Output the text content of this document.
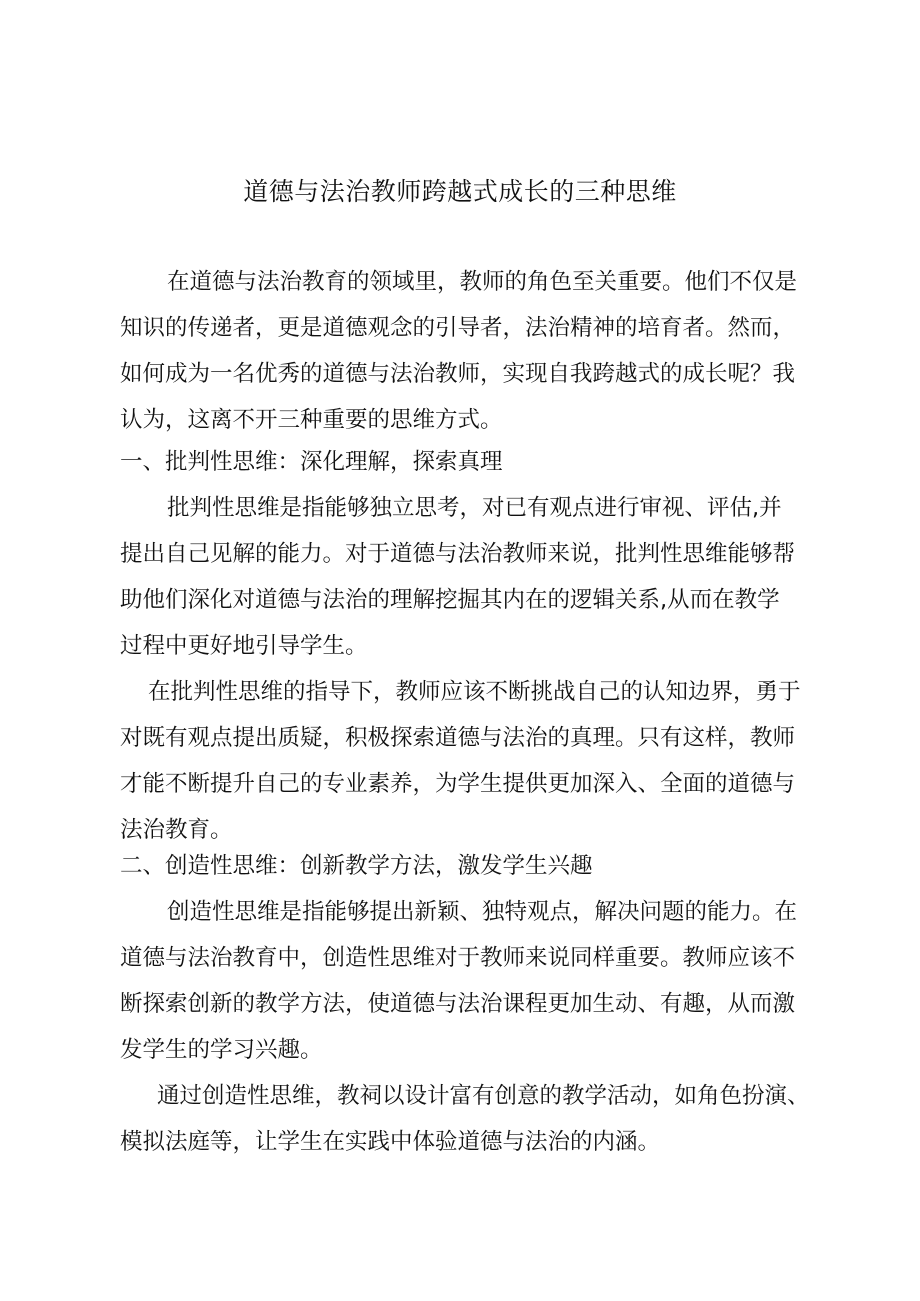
道德与法治教师跨越式成长的三种思维
在道德与法治教育的领域里，教师的角色至关重要。他们不仅是
知识的传递者，更是道德观念的引导者，法治精神的培育者。然而，
如何成为一名优秀的道德与法治教师，实现自我跨越式的成长呢？我
认为，这离不开三种重要的思维方式。
一、批判性思维：深化理解，探索真理
批判性思维是指能够独立思考，对已有观点进行审视、评估,并
提出自己见解的能力。对于道德与法治教师来说，批判性思维能够帮
助他们深化对道德与法治的理解挖掘其内在的逻辑关系,从而在教学
过程中更好地引导学生。
在批判性思维的指导下，教师应该不断挑战自己的认知边界，勇于
对既有观点提出质疑，积极探索道德与法治的真理。只有这样，教师
才能不断提升自己的专业素养，为学生提供更加深入、全面的道德与
法治教育。
二、创造性思维：创新教学方法，激发学生兴趣
创造性思维是指能够提出新颖、独特观点，解决问题的能力。在
道德与法治教育中，创造性思维对于教师来说同样重要。教师应该不
断探索创新的教学方法，使道德与法治课程更加生动、有趣，从而激
发学生的学习兴趣。
通过创造性思维，教祠以设计富有创意的教学活动，如角色扮演、
模拟法庭等，让学生在实践中体验道德与法治的内涵。
